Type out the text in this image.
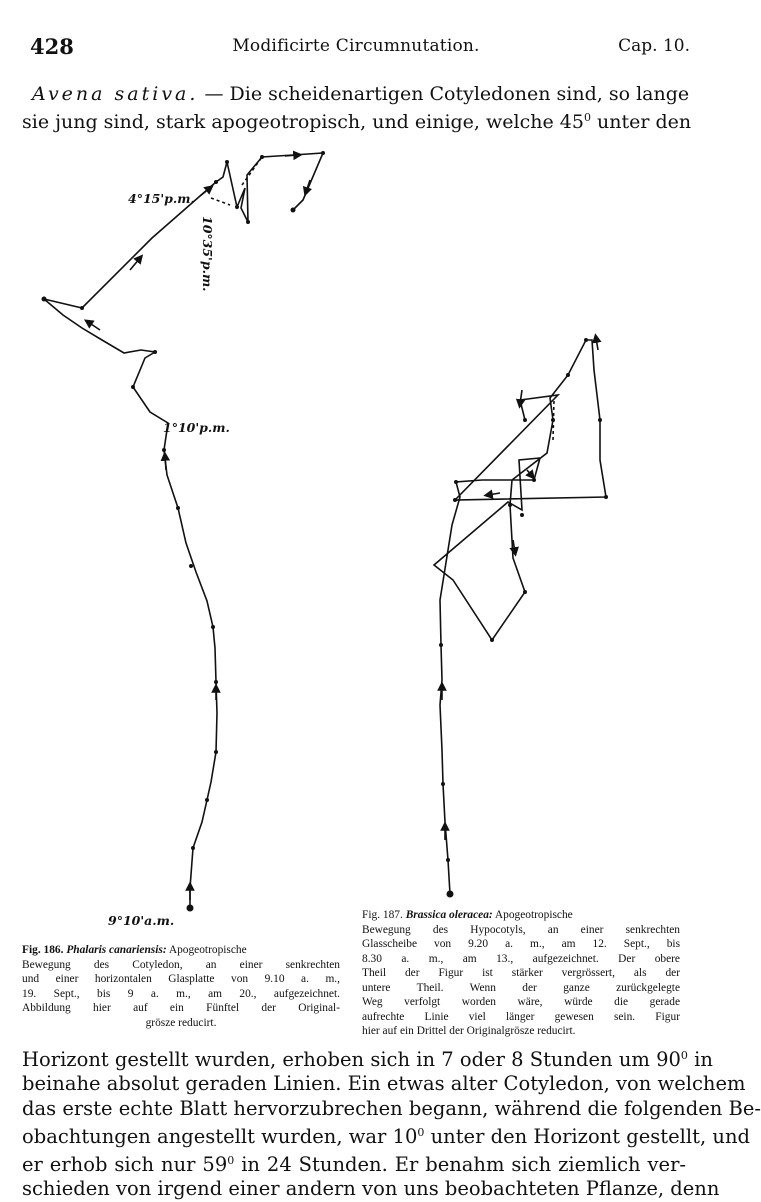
428	Modificirte Circumnutation.	Cap. 10.
Avena sativa. — Die scheidenartigen Cotyledonen sind, so lange
sie jung sind, stark apogeotropisch, und einige, welche $45^0$ unter den
9°10'a.m.
1°10'p.m.
4°15'p.m.
10°35'p.m.
Fig. 186. Phalaris canariensis: Apogeotropische
Bewegung des Cotyledon, an einer senkrechten
und einer horizontalen Glasplatte von 9.10 a. m.,
19. Sept., bis 9 a. m., am 20., aufgezeichnet.
Abbildung hier auf ein Fünftel der Original-
grösze reducirt.
Fig. 187. Brassica oleracea: Apogeotropische
Bewegung des Hypocotyls, an einer senkrechten
Glasscheibe von 9.20 a. m., am 12. Sept., bis
8.30 a. m., am 13., aufgezeichnet. Der obere
Theil der Figur ist stärker vergrössert, als der
untere Theil. Wenn der ganze zurückgelegte
Weg verfolgt worden wäre, würde die gerade
aufrechte Linie viel länger gewesen sein. Figur
hier auf ein Drittel der Originalgrösze reducirt.
Horizont gestellt wurden, erhoben sich in 7 oder 8 Stunden um $90^0$ in
beinahe absolut geraden Linien. Ein etwas alter Cotyledon, von welchem
das erste echte Blatt hervorzubrechen begann, während die folgenden Be-
obachtungen angestellt wurden, war $10^0$ unter den Horizont gestellt, und
er erhob sich nur $59^0$ in 24 Stunden. Er benahm sich ziemlich ver-
schieden von irgend einer andern von uns beobachteten Pflanze, denn
